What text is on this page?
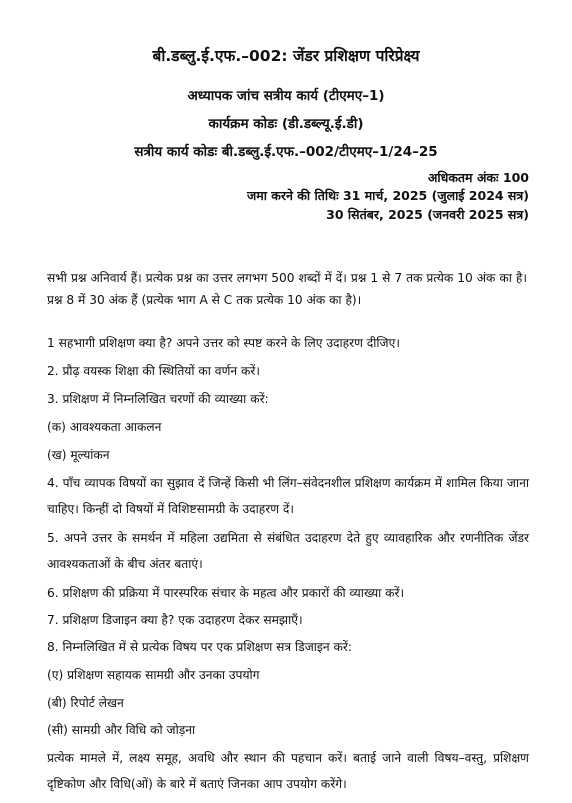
बी.डब्लु.ई.एफ.–002: जेंडर प्रशिक्षण परिप्रेक्ष्य
अध्यापक जांच सत्रीय कार्य (टीएमए–1)
कार्यक्रम कोडः (डी.डब्ल्यू.ई.डी)
सत्रीय कार्य कोडः बी.डब्लु.ई.एफ.–002/टीएमए–1/24–25
अधिकतम अंकः 100
जमा करने की तिथिः 31 मार्च, 2025 (जुलाई 2024 सत्र)
30 सितंबर, 2025 (जनवरी 2025 सत्र)
सभी प्रश्न अनिवार्य हैं। प्रत्येक प्रश्न का उत्तर लगभग 500 शब्दों में दें। प्रश्न 1 से 7 तक प्रत्येक 10 अंक का है। प्रश्न 8 में 30 अंक हैं (प्रत्येक भाग A से C तक प्रत्येक 10 अंक का है)।
1 सहभागी प्रशिक्षण क्या है? अपने उत्तर को स्पष्ट करने के लिए उदाहरण दीजिए।
2. प्रौढ़ वयस्क शिक्षा की स्थितियों का वर्णन करें।
3. प्रशिक्षण में निम्नलिखित चरणों की व्याख्या करें:
(क) आवश्यकता आकलन
(ख) मूल्यांकन
4. पाँच व्यापक विषयों का सुझाव दें जिन्हें किसी भी लिंग–संवेदनशील प्रशिक्षण कार्यक्रम में शामिल किया जाना चाहिए। किन्हीं दो विषयों में विशिष्टसामग्री के उदाहरण दें।
5. अपने उत्तर के समर्थन में महिला उद्यमिता से संबंधित उदाहरण देते हुए व्यावहारिक और रणनीतिक जेंडर आवश्यकताओं के बीच अंतर बताएं।
6. प्रशिक्षण की प्रक्रिया में पारस्परिक संचार के महत्व और प्रकारों की व्याख्या करें।
7. प्रशिक्षण डिजाइन क्या है? एक उदाहरण देकर समझाएँ।
8. निम्नलिखित में से प्रत्येक विषय पर एक प्रशिक्षण सत्र डिजाइन करें:
(ए) प्रशिक्षण सहायक सामग्री और उनका उपयोग
(बी) रिपोर्ट लेखन
(सी) सामग्री और विधि को जोड़ना
प्रत्येक मामले में, लक्ष्य समूह, अवधि और स्थान की पहचान करें। बताई जाने वाली विषय–वस्तु, प्रशिक्षण दृष्टिकोण और विधि(ओं) के बारे में बताएं जिनका आप उपयोग करेंगे।
